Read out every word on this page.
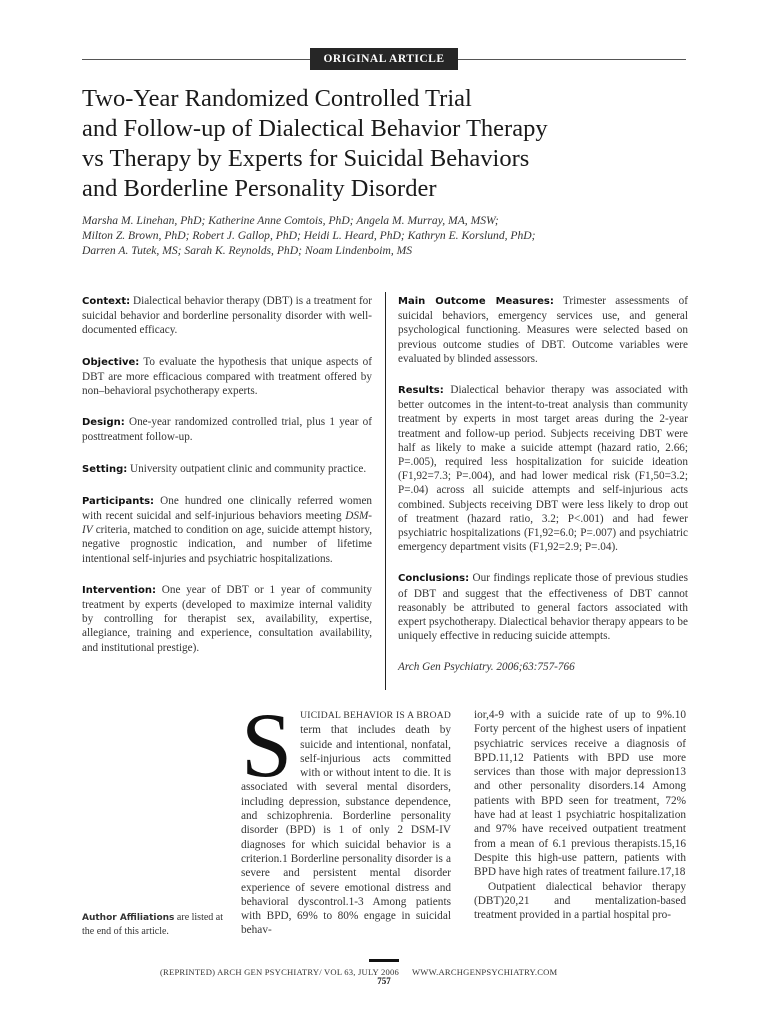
ORIGINAL ARTICLE
Two-Year Randomized Controlled Trial
and Follow-up of Dialectical Behavior Therapy
vs Therapy by Experts for Suicidal Behaviors
and Borderline Personality Disorder
Marsha M. Linehan, PhD; Katherine Anne Comtois, PhD; Angela M. Murray, MA, MSW;
Milton Z. Brown, PhD; Robert J. Gallop, PhD; Heidi L. Heard, PhD; Kathryn E. Korslund, PhD;
Darren A. Tutek, MS; Sarah K. Reynolds, PhD; Noam Lindenboim, MS

Context: Dialectical behavior therapy (DBT) is a treatment for suicidal behavior and borderline personality disorder with well-documented efficacy.

Objective: To evaluate the hypothesis that unique aspects of DBT are more efficacious compared with treatment offered by non–behavioral psychotherapy experts.

Design: One-year randomized controlled trial, plus 1 year of posttreatment follow-up.

Setting: University outpatient clinic and community practice.

Participants: One hundred one clinically referred women with recent suicidal and self-injurious behaviors meeting DSM-IV criteria, matched to condition on age, suicide attempt history, negative prognostic indication, and number of lifetime intentional self-injuries and psychiatric hospitalizations.

Intervention: One year of DBT or 1 year of community treatment by experts (developed to maximize internal validity by controlling for therapist sex, availability, expertise, allegiance, training and experience, consultation availability, and institutional prestige).

Main Outcome Measures: Trimester assessments of suicidal behaviors, emergency services use, and general psychological functioning. Measures were selected based on previous outcome studies of DBT. Outcome variables were evaluated by blinded assessors.

Results: Dialectical behavior therapy was associated with better outcomes in the intent-to-treat analysis than community treatment by experts in most target areas during the 2-year treatment and follow-up period. Subjects receiving DBT were half as likely to make a suicide attempt (hazard ratio, 2.66; P=.005), required less hospitalization for suicide ideation (F1,92=7.3; P=.004), and had lower medical risk (F1,50=3.2; P=.04) across all suicide attempts and self-injurious acts combined. Subjects receiving DBT were less likely to drop out of treatment (hazard ratio, 3.2; P<.001) and had fewer psychiatric hospitalizations (F1,92=6.0; P=.007) and psychiatric emergency department visits (F1,92=2.9; P=.04).

Conclusions: Our findings replicate those of previous studies of DBT and suggest that the effectiveness of DBT cannot reasonably be attributed to general factors associated with expert psychotherapy. Dialectical behavior therapy appears to be uniquely effective in reducing suicide attempts.

Arch Gen Psychiatry. 2006;63:757-766

S UICIDAL BEHAVIOR IS A BROAD term that includes death by suicide and intentional, nonfatal, self-injurious acts committed with or without intent to die. It is associated with several mental disorders, including depression, substance dependence, and schizophrenia. Borderline personality disorder (BPD) is 1 of only 2 DSM-IV diagnoses for which suicidal behavior is a criterion.1 Borderline personality disorder is a severe and persistent mental disorder experience of severe emotional distress and behavioral dyscontrol.1-3 Among patients with BPD, 69% to 80% engage in suicidal behav-

ior,4-9 with a suicide rate of up to 9%.10 Forty percent of the highest users of inpatient psychiatric services receive a diagnosis of BPD.11,12 Patients with BPD use more services than those with major depression13 and other personality disorders.14 Among patients with BPD seen for treatment, 72% have had at least 1 psychiatric hospitalization and 97% have received outpatient treatment from a mean of 6.1 previous therapists.15,16 Despite this high-use pattern, patients with BPD have high rates of treatment failure.17,18

Outpatient dialectical behavior therapy (DBT)20,21 and mentalization-based treatment provided in a partial hospital pro-

Author Affiliations are listed at the end of this article.
(REPRINTED) ARCH GEN PSYCHIATRY/ VOL 63, JULY 2006 WWW.ARCHGENPSYCHIATRY.COM
757
